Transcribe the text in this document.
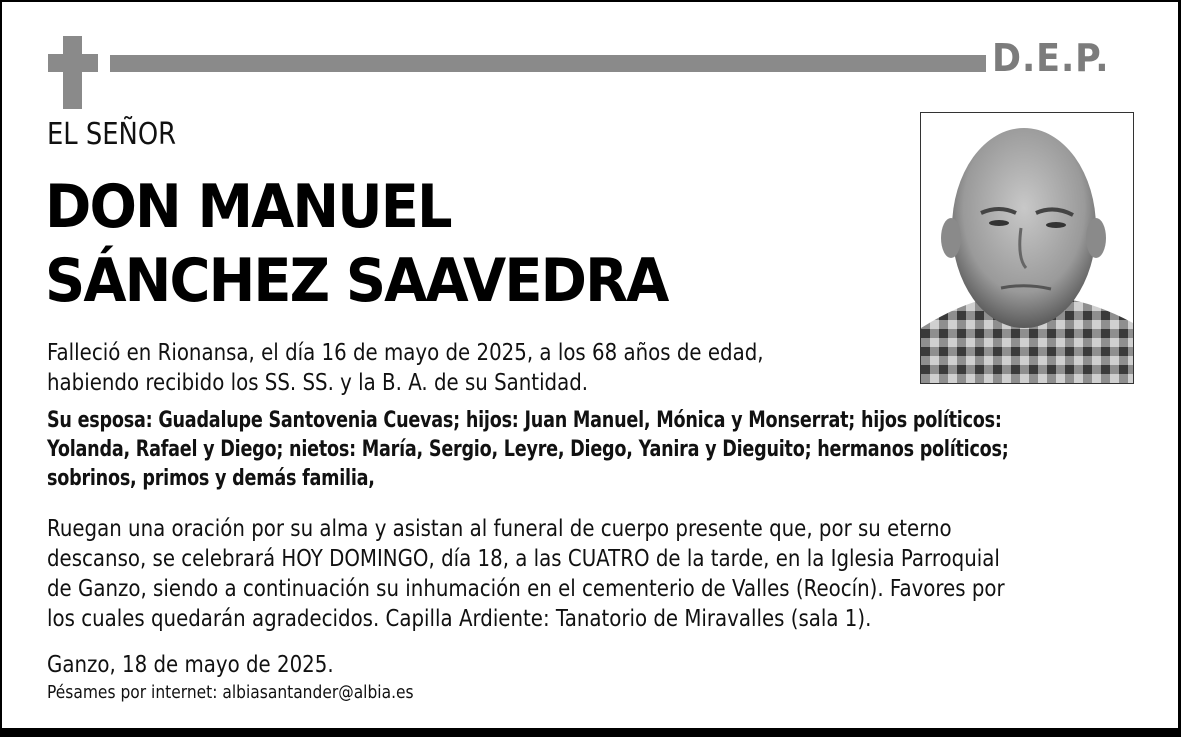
D.E.P.
EL SEÑOR
DON MANUEL
SÁNCHEZ SAAVEDRA
Falleció en Rionansa, el día 16 de mayo de 2025, a los 68 años de edad,
habiendo recibido los SS. SS. y la B. A. de su Santidad.
Su esposa: Guadalupe Santovenia Cuevas; hijos: Juan Manuel, Mónica y Monserrat; hijos políticos:
Yolanda, Rafael y Diego; nietos: María, Sergio, Leyre, Diego, Yanira y Dieguito; hermanos políticos;
sobrinos, primos y demás familia,
Ruegan una oración por su alma y asistan al funeral de cuerpo presente que, por su eterno
descanso, se celebrará HOY DOMINGO, día 18, a las CUATRO de la tarde, en la Iglesia Parroquial
de Ganzo, siendo a continuación su inhumación en el cementerio de Valles (Reocín). Favores por
los cuales quedarán agradecidos. Capilla Ardiente: Tanatorio de Miravalles (sala 1).
Ganzo, 18 de mayo de 2025.
Pésames por internet: albiasantander@albia.es
